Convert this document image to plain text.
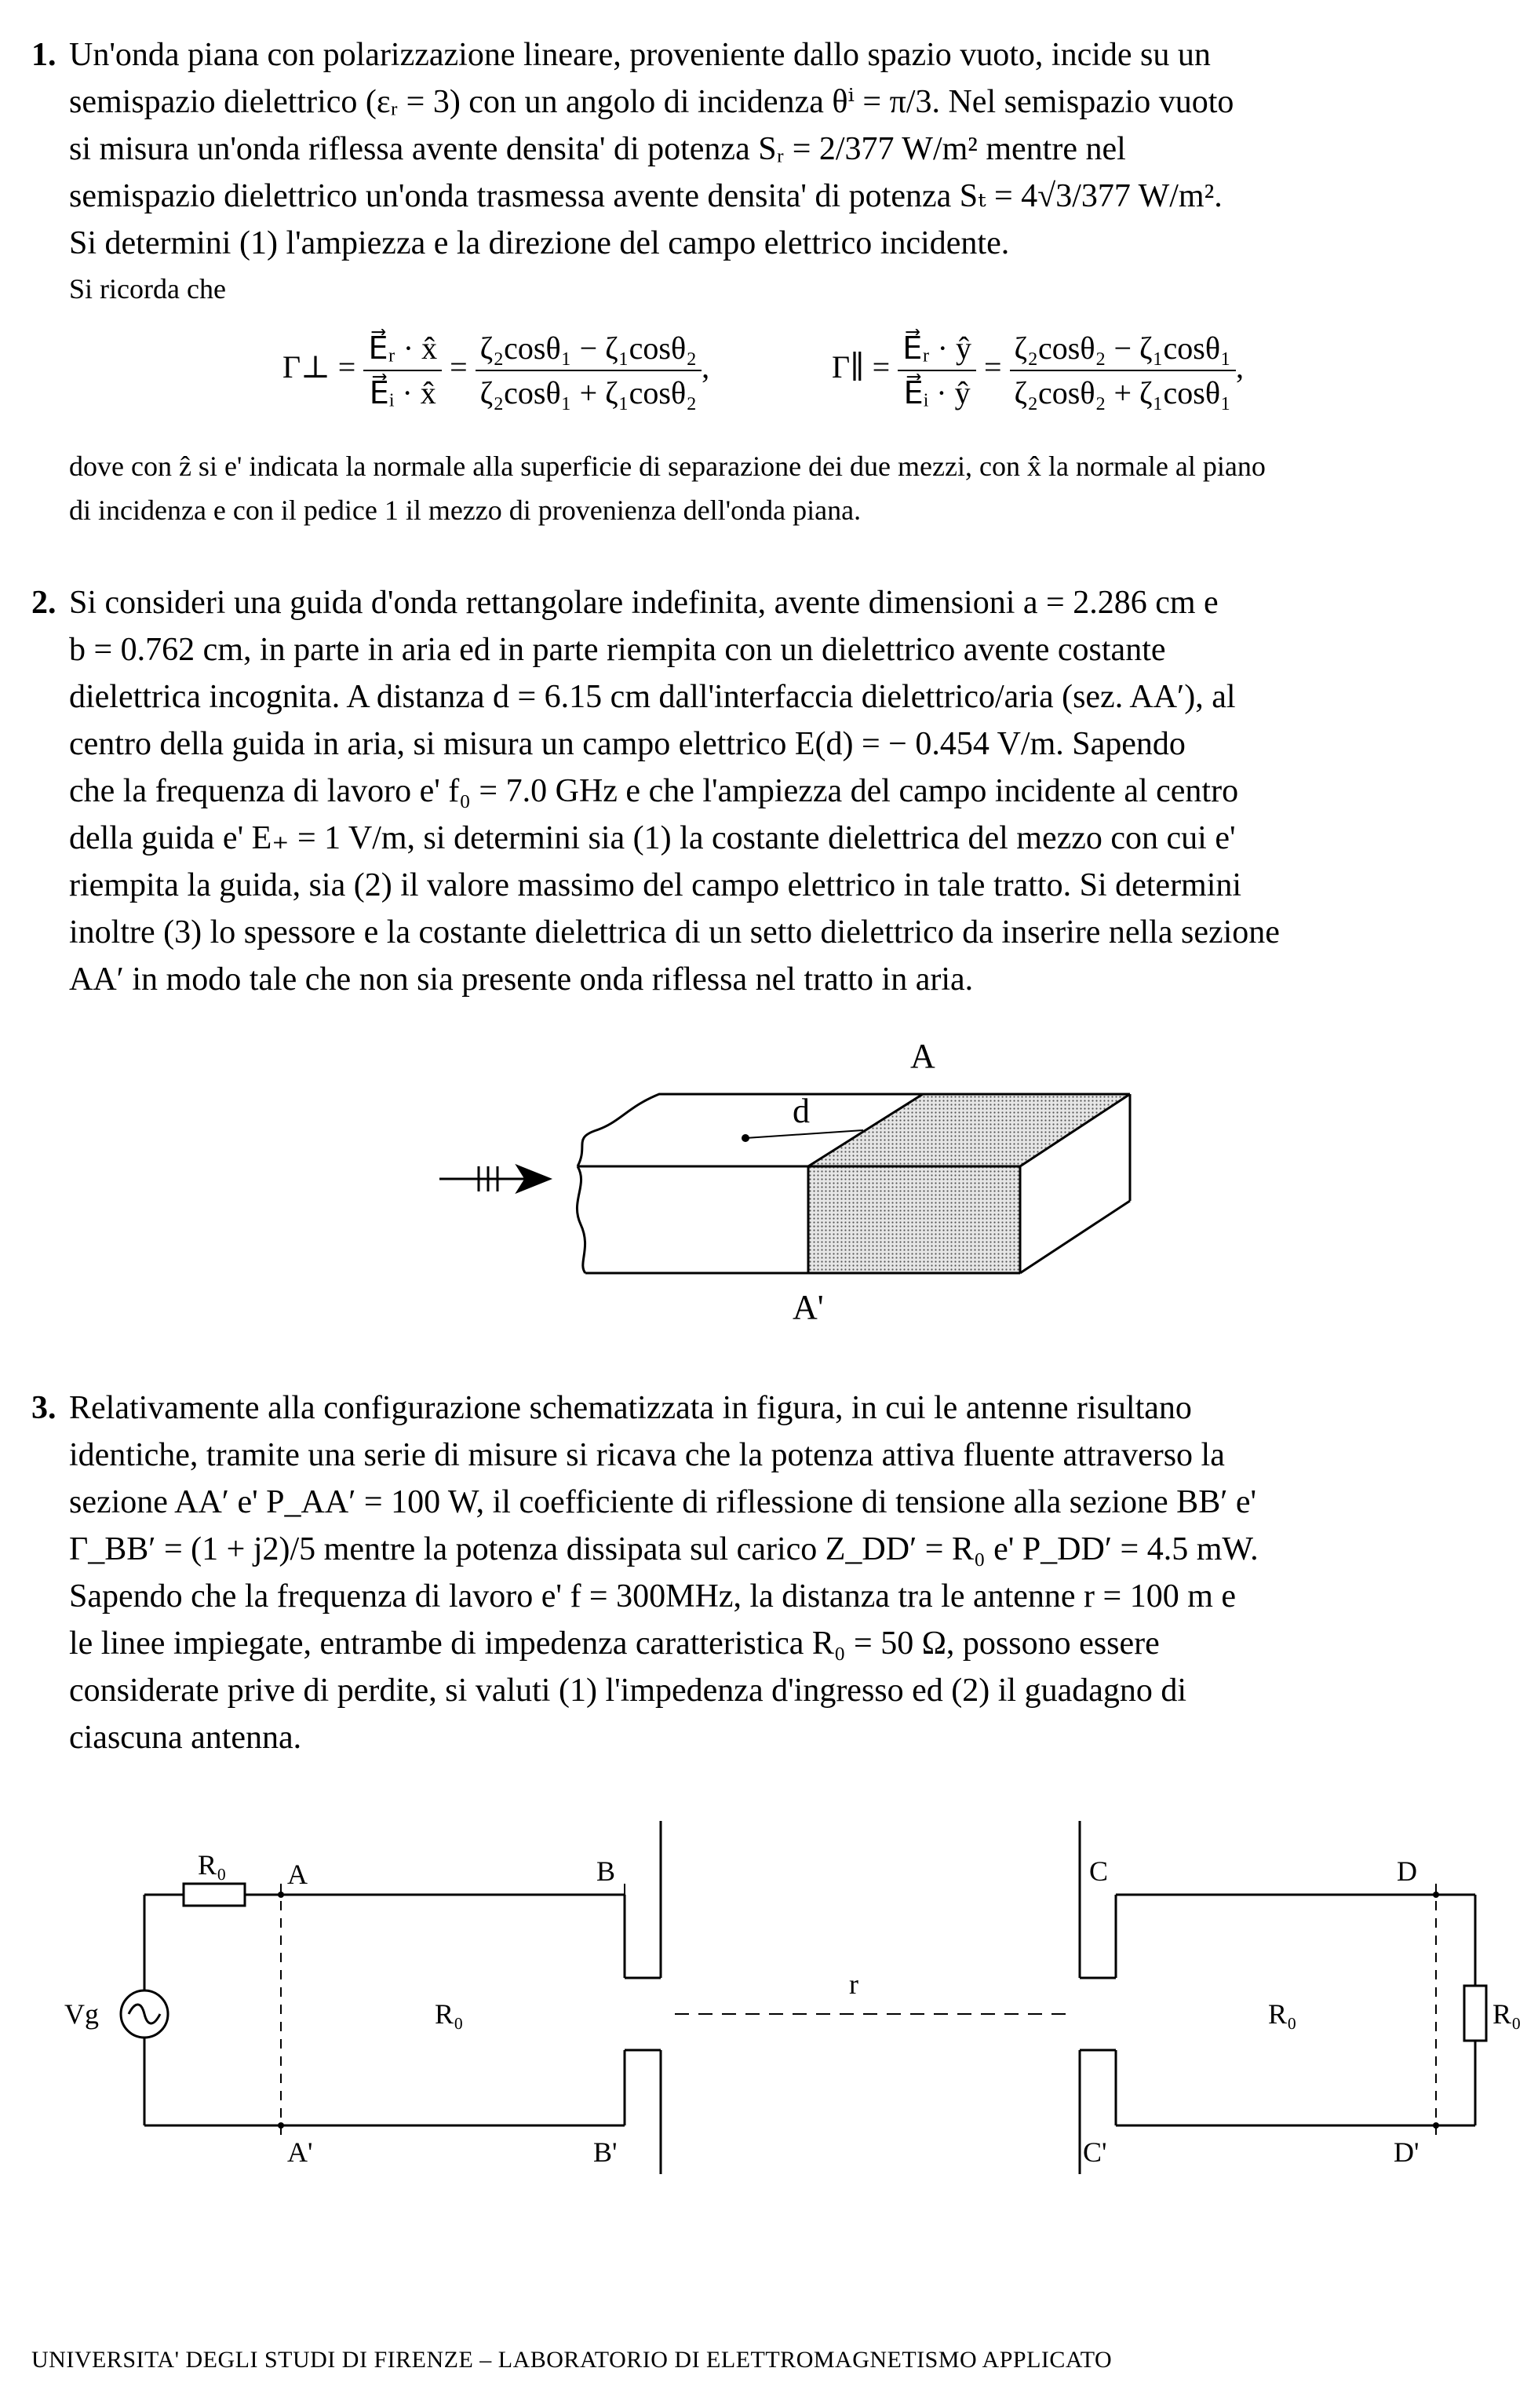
1. Un'onda piana con polarizzazione lineare, proveniente dallo spazio vuoto, incide su un
semispazio dielettrico (εᵣ = 3) con un angolo di incidenza θⁱ = π/3. Nel semispazio vuoto
si misura un'onda riflessa avente densita' di potenza Sᵣ = 2/377 W/m² mentre nel
semispazio dielettrico un'onda trasmessa avente densita' di potenza Sₜ = 4√3/377 W/m².
Si determini (1) l'ampiezza e la direzione del campo elettrico incidente.
Si ricorda che
Γ⊥ = $\frac{\text{E⃗ᵣ · x̂}}{\text{E⃗ᵢ · x̂}} = \frac{\text{ζ₂cosθ₁ − ζ₁cosθ₂}}{\text{ζ₂cosθ₁ + ζ₁cosθ₂}}$ ,	Γ∥ = $\frac{\text{E⃗ᵣ · ŷ}}{\text{E⃗ᵢ · ŷ}} = \frac{\text{ζ₂cosθ₂ − ζ₁cosθ₁}}{\text{ζ₂cosθ₂ + ζ₁cosθ₁}}$ ,
dove con ẑ si e' indicata la normale alla superficie di separazione dei due mezzi, con x̂ la normale al piano
di incidenza e con il pedice 1 il mezzo di provenienza dell'onda piana.
2. Si consideri una guida d'onda rettangolare indefinita, avente dimensioni a = 2.286 cm e
b = 0.762 cm, in parte in aria ed in parte riempita con un dielettrico avente costante
dielettrica incognita. A distanza d = 6.15 cm dall'interfaccia dielettrico/aria (sez. AA′), al
centro della guida in aria, si misura un campo elettrico E(d) = − 0.454 V/m. Sapendo
che la frequenza di lavoro e' f₀ = 7.0 GHz e che l'ampiezza del campo incidente al centro
della guida e' E₊ = 1 V/m, si determini sia (1) la costante dielettrica del mezzo con cui e'
riempita la guida, sia (2) il valore massimo del campo elettrico in tale tratto. Si determini
inoltre (3) lo spessore e la costante dielettrica di un setto dielettrico da inserire nella sezione
AA′ in modo tale che non sia presente onda riflessa nel tratto in aria.
d
A
A'
3. Relativamente alla configurazione schematizzata in figura, in cui le antenne risultano
identiche, tramite una serie di misure si ricava che la potenza attiva fluente attraverso la
sezione AA′ e' P_AA′ = 100 W, il coefficiente di riflessione di tensione alla sezione BB′ e'
Γ_BB′ = (1 + j2)/5 mentre la potenza dissipata sul carico Z_DD′ = R₀ e' P_DD′ = 4.5 mW.
Sapendo che la frequenza di lavoro e' f = 300MHz, la distanza tra le antenne r = 100 m e
le linee impiegate, entrambe di impedenza caratteristica R₀ = 50 Ω, possono essere
considerate prive di perdite, si valuti (1) l'impedenza d'ingresso ed (2) il guadagno di
ciascuna antenna.
R₀
Vg
A
A'
B
B'
C
C'
D
D'
R₀	R₀
r
R₀
UNIVERSITA' DEGLI STUDI DI FIRENZE – LABORATORIO DI ELETTROMAGNETISMO APPLICATO
